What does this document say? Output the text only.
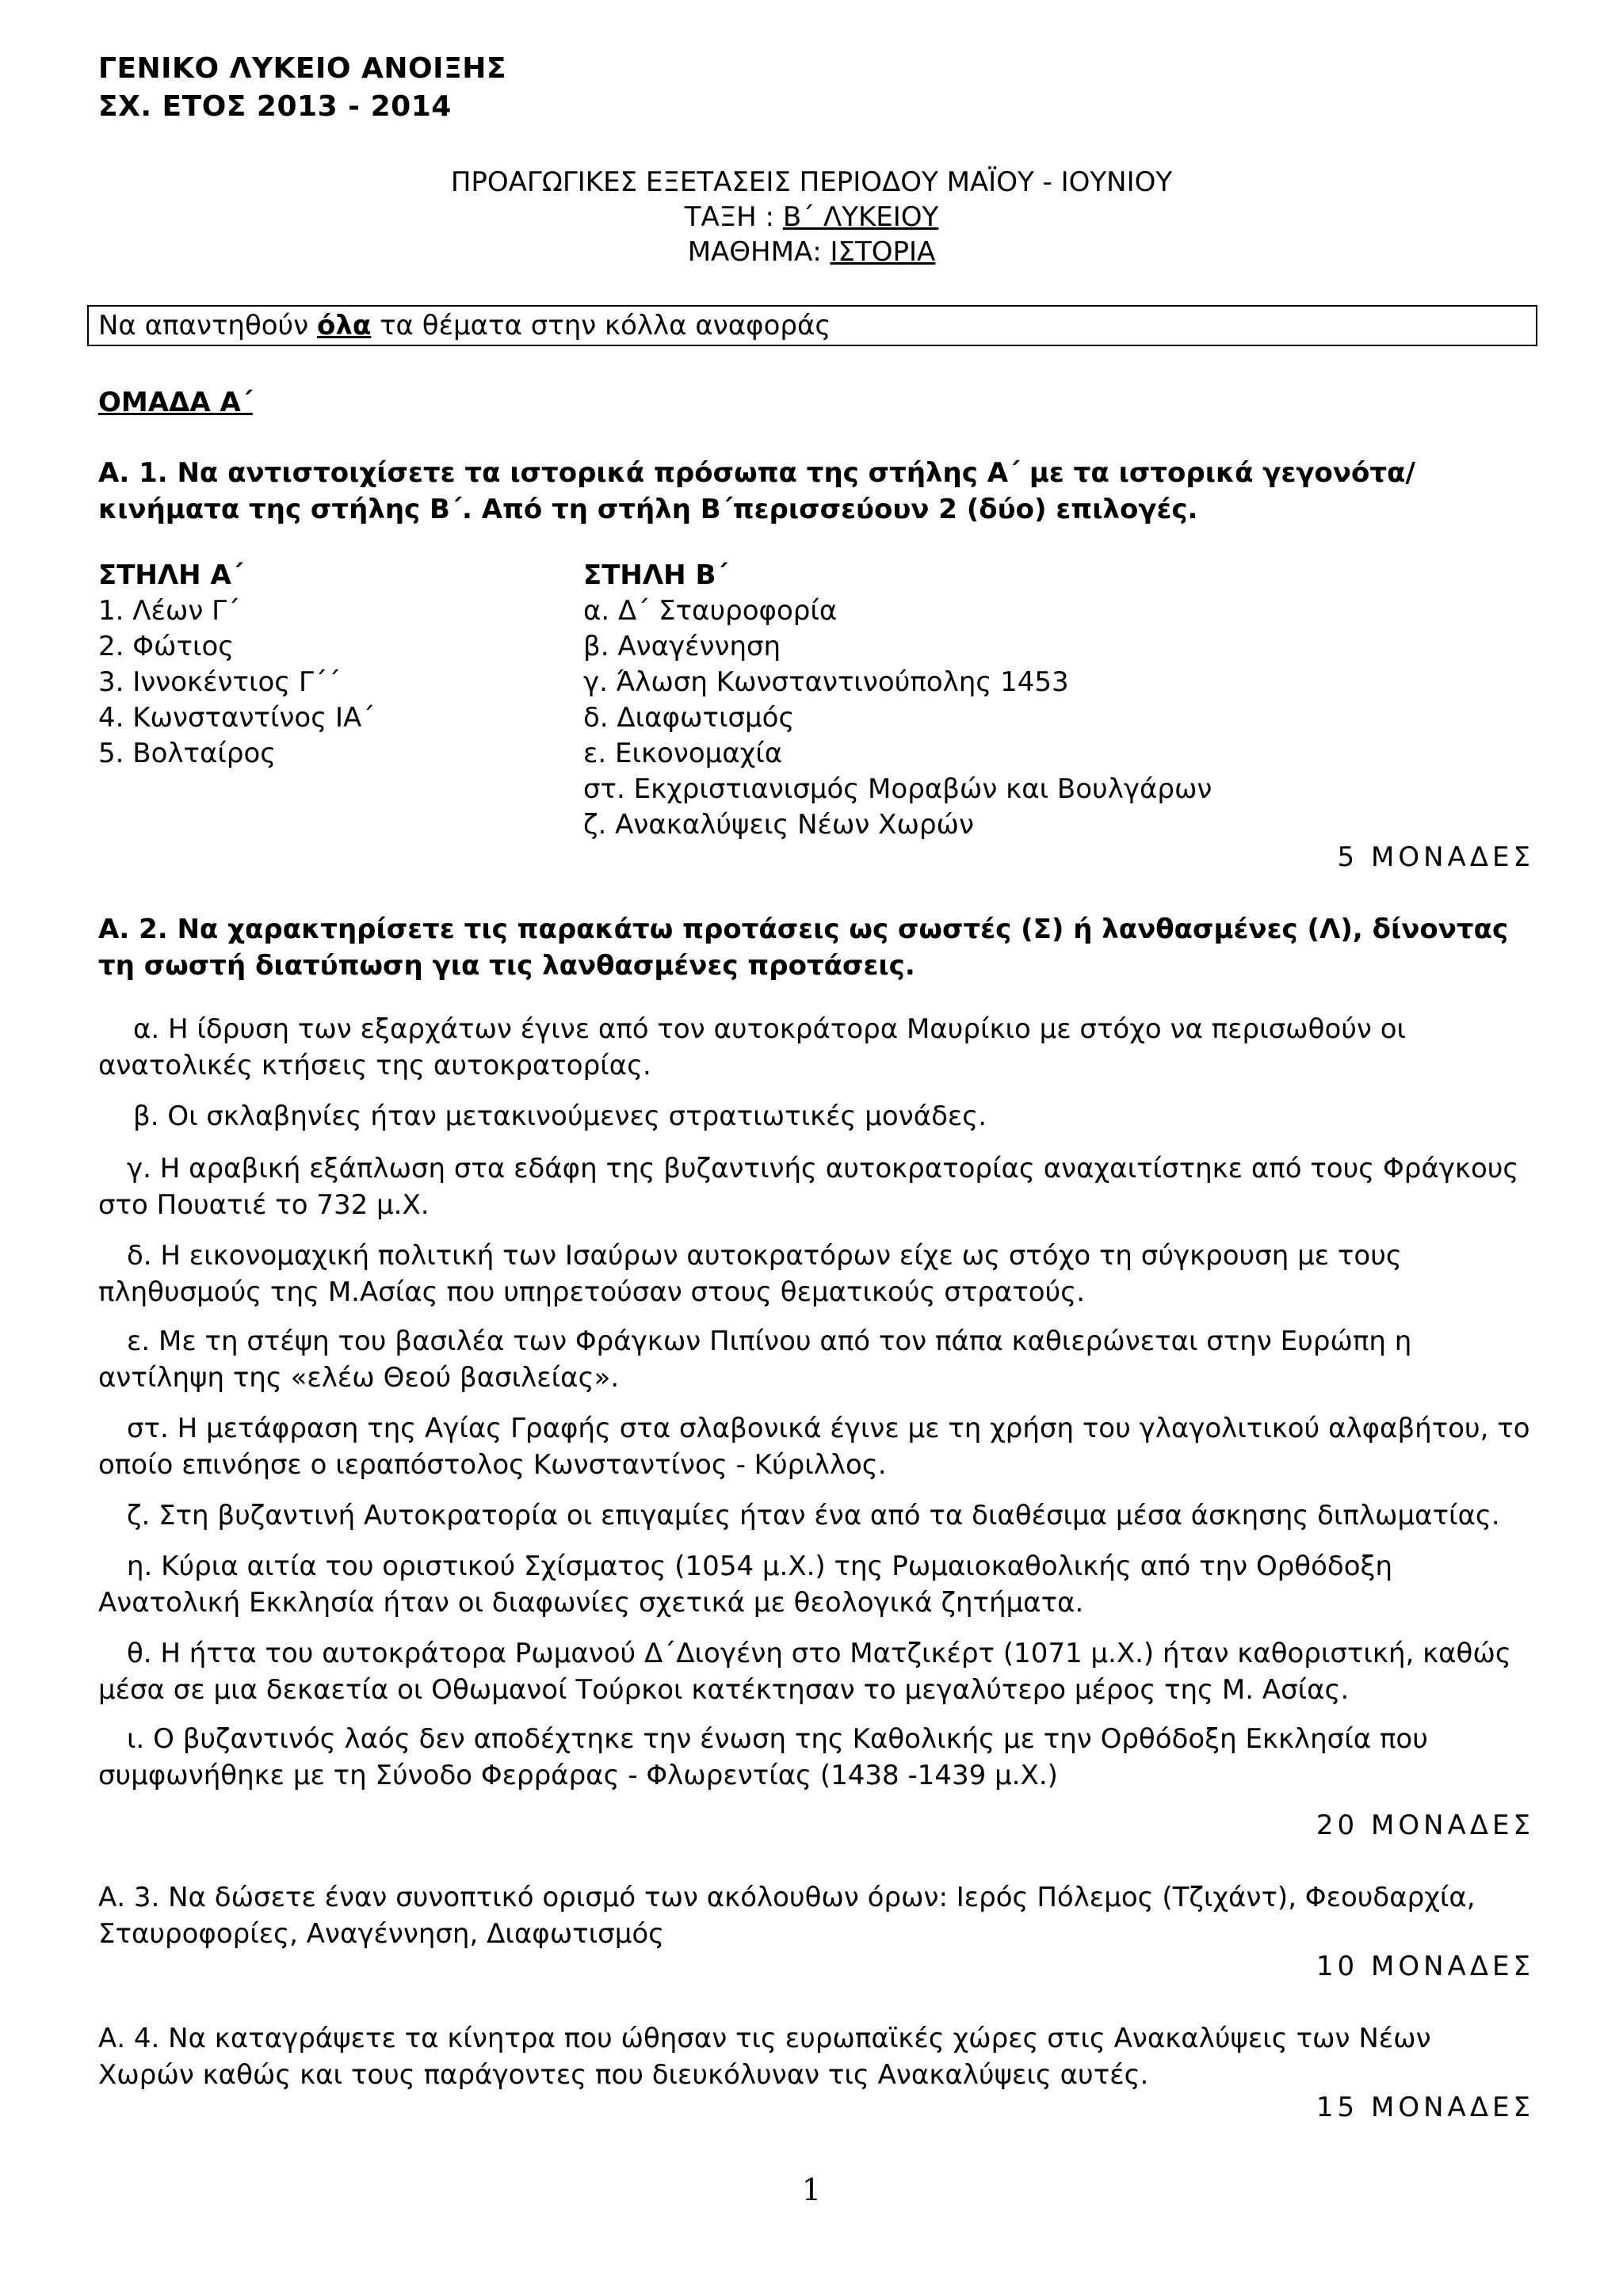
ΓΕΝΙΚΟ ΛΥΚΕΙΟ ΑΝΟΙΞΗΣ
ΣΧ. ΕΤΟΣ 2013 - 2014
ΠΡΟΑΓΩΓΙΚΕΣ ΕΞΕΤΑΣΕΙΣ ΠΕΡΙΟΔΟΥ ΜΑΪΟΥ - ΙΟΥΝΙΟΥ
ΤΑΞΗ : Β΄ ΛΥΚΕΙΟΥ
ΜΑΘΗΜΑ: ΙΣΤΟΡΙΑ
Να απαντηθούν όλα τα θέματα στην κόλλα αναφοράς
ΟΜΑΔΑ Α΄
Α. 1. Να αντιστοιχίσετε τα ιστορικά πρόσωπα της στήλης Α΄ με τα ιστορικά γεγονότα/κινήματα της στήλης Β΄. Από τη στήλη Β΄περισσεύουν 2 (δύο) επιλογές.
ΣΤΗΛΗ Α΄	ΣΤΗΛΗ Β΄
1. Λέων Γ΄
2. Φώτιος
3. Ιννοκέντιος Γ΄΄
4. Κωνσταντίνος ΙΑ΄
5. Βολταίρος
α. Δ΄ Σταυροφορία
β. Αναγέννηση
γ. Άλωση Κωνσταντινούπολης 1453
δ. Διαφωτισμός
ε. Εικονομαχία
στ. Εκχριστιανισμός Μοραβών και Βουλγάρων
ζ. Ανακαλύψεις Νέων Χωρών
5 ΜΟΝΑΔΕΣ
Α. 2. Να χαρακτηρίσετε τις παρακάτω προτάσεις ως σωστές (Σ) ή λανθασμένες (Λ), δίνοντας τη σωστή διατύπωση για τις λανθασμένες προτάσεις.
α. Η ίδρυση των εξαρχάτων έγινε από τον αυτοκράτορα Μαυρίκιο με στόχο να περισωθούν οι ανατολικές κτήσεις της αυτοκρατορίας.
β. Οι σκλαβηνίες ήταν μετακινούμενες στρατιωτικές μονάδες.
γ. Η αραβική εξάπλωση στα εδάφη της βυζαντινής αυτοκρατορίας αναχαιτίστηκε από τους Φράγκους στο Πουατιέ το 732 μ.Χ.
δ. Η εικονομαχική πολιτική των Ισαύρων αυτοκρατόρων είχε ως στόχο τη σύγκρουση με τους πληθυσμούς της Μ.Ασίας που υπηρετούσαν στους θεματικούς στρατούς.
ε. Με τη στέψη του βασιλέα των Φράγκων Πιπίνου από τον πάπα καθιερώνεται στην Ευρώπη η αντίληψη της «ελέω Θεού βασιλείας».
στ. Η μετάφραση της Αγίας Γραφής στα σλαβονικά έγινε με τη χρήση του γλαγολιτικού αλφαβήτου, το οποίο επινόησε ο ιεραπόστολος Κωνσταντίνος - Κύριλλος.
ζ. Στη βυζαντινή Αυτοκρατορία οι επιγαμίες ήταν ένα από τα διαθέσιμα μέσα άσκησης διπλωματίας.
η. Κύρια αιτία του οριστικού Σχίσματος (1054 μ.Χ.) της Ρωμαιοκαθολικής από την Ορθόδοξη Ανατολική Εκκλησία ήταν οι διαφωνίες σχετικά με θεολογικά ζητήματα.
θ. Η ήττα του αυτοκράτορα Ρωμανού Δ΄Διογένη στο Ματζικέρτ (1071 μ.Χ.) ήταν καθοριστική, καθώς μέσα σε μια δεκαετία οι Οθωμανοί Τούρκοι κατέκτησαν το μεγαλύτερο μέρος της Μ. Ασίας.
ι. Ο βυζαντινός λαός δεν αποδέχτηκε την ένωση της Καθολικής με την Ορθόδοξη Εκκλησία που συμφωνήθηκε με τη Σύνοδο Φερράρας - Φλωρεντίας (1438 -1439 μ.Χ.)
20 ΜΟΝΑΔΕΣ
Α. 3. Να δώσετε έναν συνοπτικό ορισμό των ακόλουθων όρων: Ιερός Πόλεμος (Τζιχάντ), Φεουδαρχία, Σταυροφορίες, Αναγέννηση, Διαφωτισμός
10 ΜΟΝΑΔΕΣ
Α. 4. Να καταγράψετε τα κίνητρα που ώθησαν τις ευρωπαϊκές χώρες στις Ανακαλύψεις των Νέων Χωρών καθώς και τους παράγοντες που διευκόλυναν τις Ανακαλύψεις αυτές.
15 ΜΟΝΑΔΕΣ
1
